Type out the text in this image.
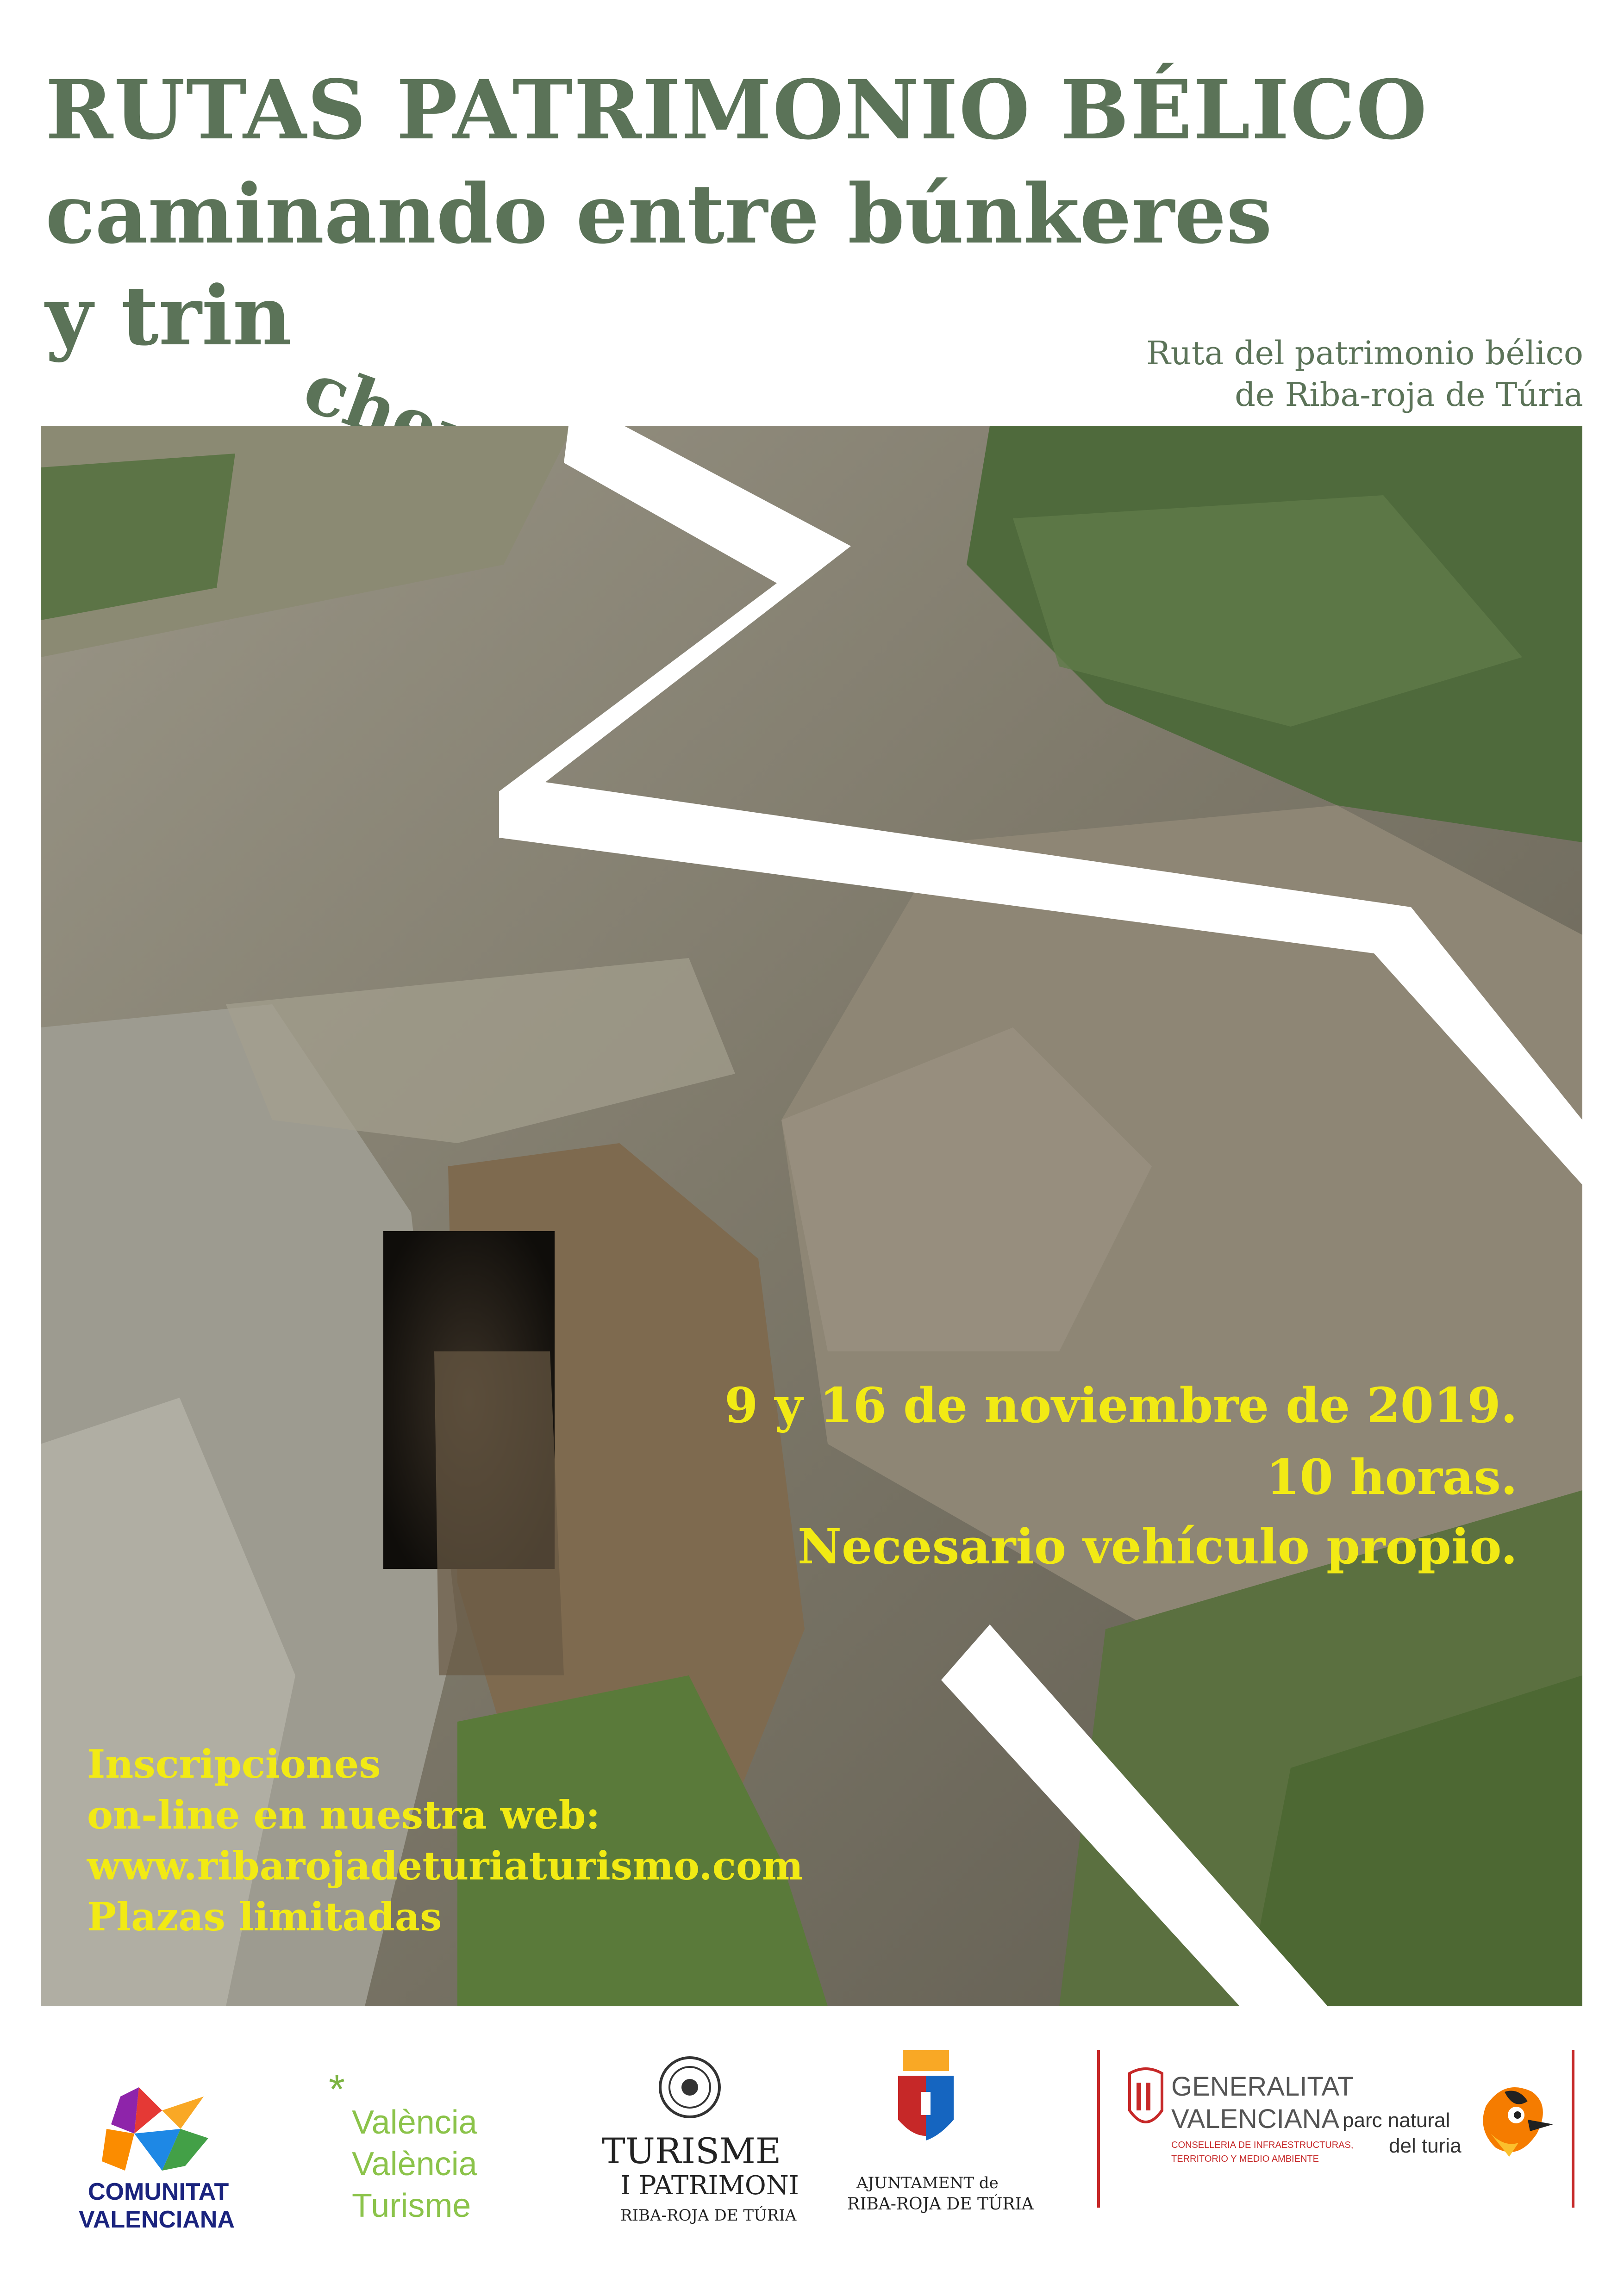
RUTAS PATRIMONIO BÉLICO
caminando entre búnkeres
y trin	Ruta del patrimonio bélico
de Riba-roja de Túria
9 y 16 de noviembre de 2019.
10 horas.
Necesario vehículo propio.
Inscripciones
on-line en nuestra web:
www.ribarojadeturiaturismo.com
Plazas limitadas
COMUNITAT
VALENCIANA
*
València
València
Turisme
TURISME
I PATRIMONI
RIBA-ROJA DE TÚRIA
AJUNTAMENT de
RIBA-ROJA DE TÚRIA
GENERALITAT
VALENCIANA
CONSELLERIA DE INFRAESTRUCTURAS,
TERRITORIO Y MEDIO AMBIENTE
parc natural
del turia
